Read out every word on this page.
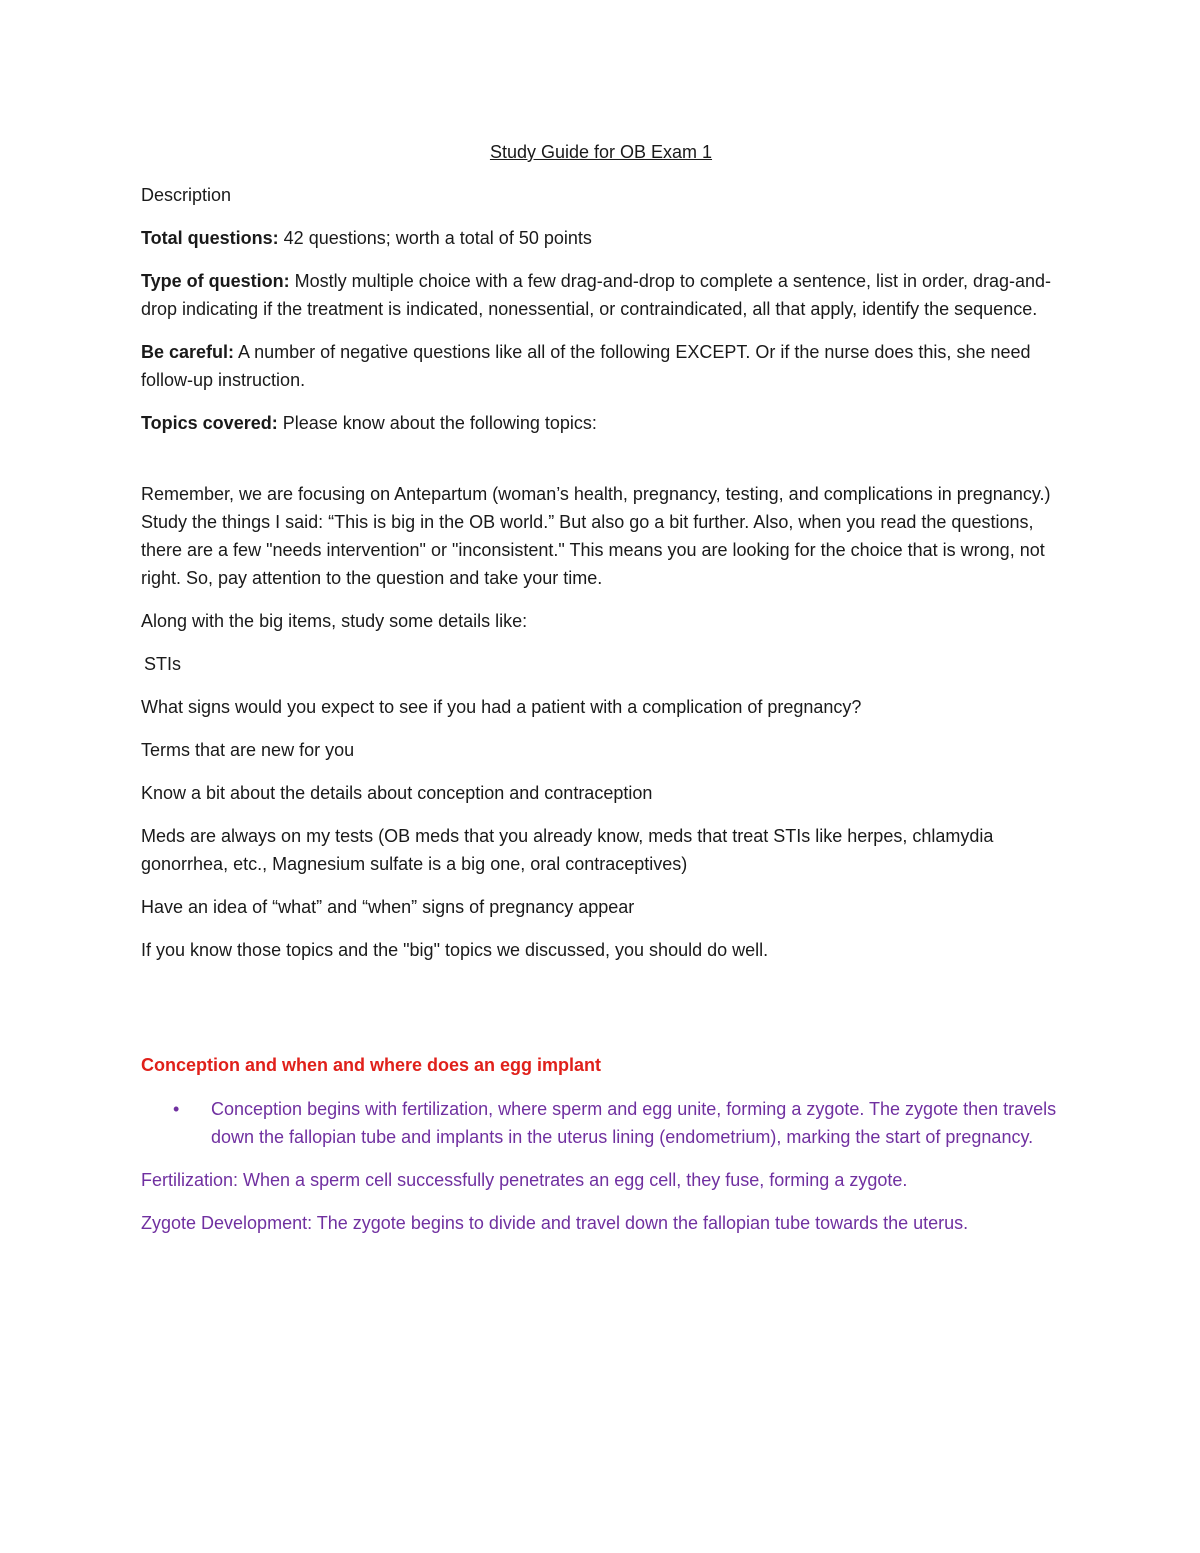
Study Guide for OB Exam 1

Description

Total questions: 42 questions; worth a total of 50 points

Type of question: Mostly multiple choice with a few drag-and-drop to complete a sentence, list in order, drag-and-drop indicating if the treatment is indicated, nonessential, or contraindicated, all that apply, identify the sequence.

Be careful: A number of negative questions like all of the following EXCEPT. Or if the nurse does this, she need follow-up instruction.

Topics covered: Please know about the following topics:

Remember, we are focusing on Antepartum (woman’s health, pregnancy, testing, and complications in pregnancy.) Study the things I said: “This is big in the OB world.” But also go a bit further. Also, when you read the questions, there are a few "needs intervention" or "inconsistent." This means you are looking for the choice that is wrong, not right. So, pay attention to the question and take your time.

Along with the big items, study some details like:

STIs

What signs would you expect to see if you had a patient with a complication of pregnancy?

Terms that are new for you

Know a bit about the details about conception and contraception

Meds are always on my tests (OB meds that you already know, meds that treat STIs like herpes, chlamydia gonorrhea, etc., Magnesium sulfate is a big one, oral contraceptives)

Have an idea of “what” and “when” signs of pregnancy appear

If you know those topics and the "big" topics we discussed, you should do well.

Conception and when and where does an egg implant

• Conception begins with fertilization, where sperm and egg unite, forming a zygote. The zygote then travels down the fallopian tube and implants in the uterus lining (endometrium), marking the start of pregnancy.

Fertilization: When a sperm cell successfully penetrates an egg cell, they fuse, forming a zygote.

Zygote Development: The zygote begins to divide and travel down the fallopian tube towards the uterus.
